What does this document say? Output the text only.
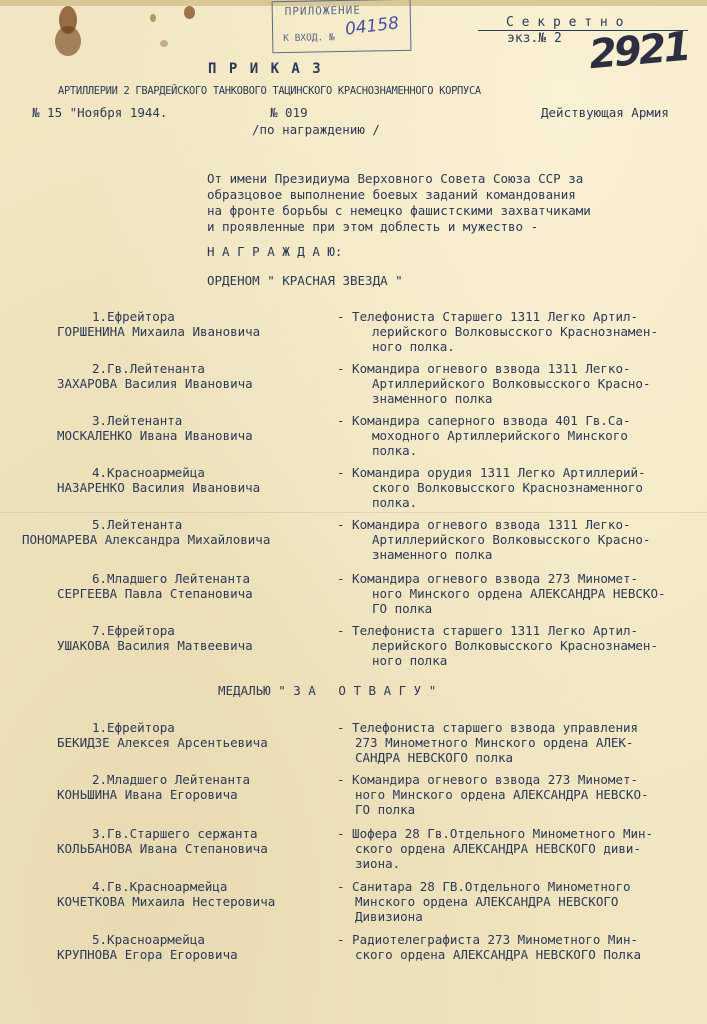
ПРИЛОЖЕНИЕ
К ВХОД. № 04158	С е к р е т н о
экз.№ 2 2921
П Р И К А З
АРТИЛЛЕРИИ 2 ГВАРДЕЙСКОГО ТАНКОВОГО ТАЦИНСКОГО КРАСНОЗНАМЕННОГО КОРПУСА
№ 15 "Ноября 1944.	№ 019	Действующая Армия
/по награждению /
От имени Президиума Верховного Совета Союза ССР за
образцовое выполнение боевых заданий командования
на фронте борьбы с немецко фашистскими захватчиками
и проявленные при этом доблесть и мужество -
Н А Г Р А Ж Д А Ю:
ОРДЕНОМ " КРАСНАЯ ЗВЕЗДА "
1.Ефрейтора
ГОРШЕНИНА Михаила Ивановича
- Телефониста Старшего 1311 Легко Артил-
лерийского Волковысского Краснознамен-
ного полка.
2.Гв.Лейтенанта
ЗАХАРОВА Василия Ивановича
- Командира огневого взвода 1311 Легко-
Артиллерийского Волковысского Красно-
знаменного полка
3.Лейтенанта
МОСКАЛЕНКО Ивана Ивановича
- Командира саперного взвода 401 Гв.Са-
моходного Артиллерийского Минского
полка.
4.Красноармейца
НАЗАРЕНКО Василия Ивановича
- Командира орудия 1311 Легко Артиллерий-
ского Волковысского Краснознаменного
полка.
5.Лейтенанта
ПОНОМАРЕВА Александра Михайловича
- Командира огневого взвода 1311 Легко-
Артиллерийского Волковысского Красно-
знаменного полка
6.Младшего Лейтенанта
СЕРГЕЕВА Павла Степановича
- Командира огневого взвода 273 Миномет-
ного Минского ордена АЛЕКСАНДРА НЕВСКО-
ГО полка
7.Ефрейтора
УШАКОВА Василия Матвеевича
- Телефониста старшего 1311 Легко Артил-
лерийского Волковысского Краснознамен-
ного полка
МЕДАЛЬЮ " З А   О Т В А Г У "
1.Ефрейтора
БЕКИДЗЕ Алексея Арсентьевича
- Телефониста старшего взвода управления
273 Минометного Минского ордена АЛЕК-
САНДРА НЕВСКОГО полка
2.Младшего Лейтенанта
КОНЬШИНА Ивана Егоровича
- Командира огневого взвода 273 Миномет-
ного Минского ордена АЛЕКСАНДРА НЕВСКО-
ГО полка
3.Гв.Старшего сержанта
КОЛЬБАНОВА Ивана Степановича
- Шофера 28 Гв.Отдельного Минометного Мин-
ского ордена АЛЕКСАНДРА НЕВСКОГО диви-
зиона.
4.Гв.Красноармейца
КОЧЕТКОВА Михаила Нестеровича
- Санитара 28 ГВ.Отдельного Минометного
Минского ордена АЛЕКСАНДРА НЕВСКОГО
Дивизиона
5.Красноармейца
КРУПНОВА Егора Егоровича
- Радиотелеграфиста 273 Минометного Мин-
ского ордена АЛЕКСАНДРА НЕВСКОГО Полка
